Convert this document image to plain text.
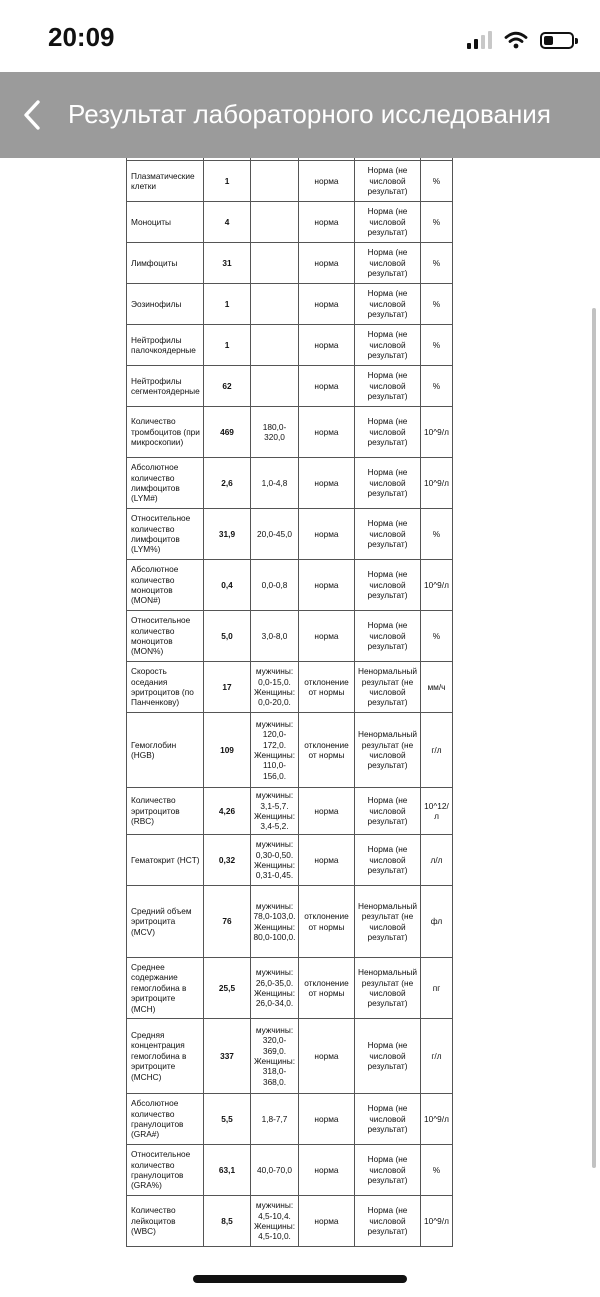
20:09
Результат лабораторного исследования
Плазматические клетки	1		норма	Норма (не числовой результат)	%
Моноциты	4		норма	Норма (не числовой результат)	%
Лимфоциты	31		норма	Норма (не числовой результат)	%
Эозинофилы	1		норма	Норма (не числовой результат)	%
Нейтрофилы палочкоядерные	1		норма	Норма (не числовой результат)	%
Нейтрофилы сегментоядерные	62		норма	Норма (не числовой результат)	%
Количество тромбоцитов (при микроскопии)	469	180,0-320,0	норма	Норма (не числовой результат)	10^9/л
Абсолютное количество лимфоцитов (LYM#)	2,6	1,0-4,8	норма	Норма (не числовой результат)	10^9/л
Относительное количество лимфоцитов (LYM%)	31,9	20,0-45,0	норма	Норма (не числовой результат)	%
Абсолютное количество моноцитов (MON#)	0,4	0,0-0,8	норма	Норма (не числовой результат)	10^9/л
Относительное количество моноцитов (MON%)	5,0	3,0-8,0	норма	Норма (не числовой результат)	%
Скорость оседания эритроцитов (по Панченкову)	17	мужчины: 0,0-15,0. Женщины: 0,0-20,0.	отклонение от нормы	Ненормальный результат (не числовой результат)	мм/ч
Гемоглобин (HGB)	109	мужчины: 120,0-172,0. Женщины: 110,0-156,0.	отклонение от нормы	Ненормальный результат (не числовой результат)	г/л
Количество эритроцитов (RBC)	4,26	мужчины: 3,1-5,7. Женщины: 3,4-5,2.	норма	Норма (не числовой результат)	10^12/л
Гематокрит (HCT)	0,32	мужчины: 0,30-0,50. Женщины: 0,31-0,45.	норма	Норма (не числовой результат)	л/л
Средний объем эритроцита (MCV)	76	мужчины: 78,0-103,0. Женщины: 80,0-100,0.	отклонение от нормы	Ненормальный результат (не числовой результат)	фл
Среднее содержание гемоглобина в эритроците (MCH)	25,5	мужчины: 26,0-35,0. Женщины: 26,0-34,0.	отклонение от нормы	Ненормальный результат (не числовой результат)	пг
Средняя концентрация гемоглобина в эритроците (MCHC)	337	мужчины: 320,0-369,0. Женщины: 318,0-368,0.	норма	Норма (не числовой результат)	г/л
Абсолютное количество гранулоцитов (GRA#)	5,5	1,8-7,7	норма	Норма (не числовой результат)	10^9/л
Относительное количество гранулоцитов (GRA%)	63,1	40,0-70,0	норма	Норма (не числовой результат)	%
Количество лейкоцитов (WBC)	8,5	мужчины: 4,5-10,4. Женщины: 4,5-10,0.	норма	Норма (не числовой результат)	10^9/л
